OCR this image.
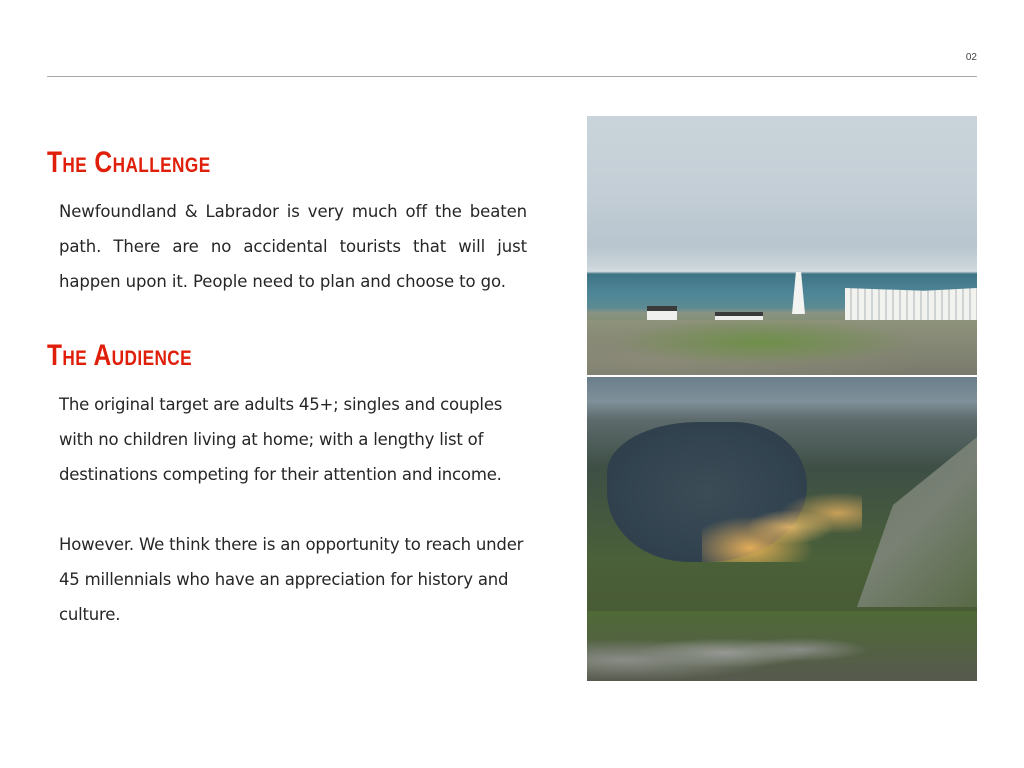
02
The Challenge

Newfoundland & Labrador is very much off the beaten path. There are no accidental tourists that will just happen upon it. People need to plan and choose to go.

The Audience

The original target are adults 45+; singles and couples with no children living at home; with a lengthy list of destinations competing for their attention and income.

However. We think there is an opportunity to reach under 45 millennials who have an appreciation for history and culture.
